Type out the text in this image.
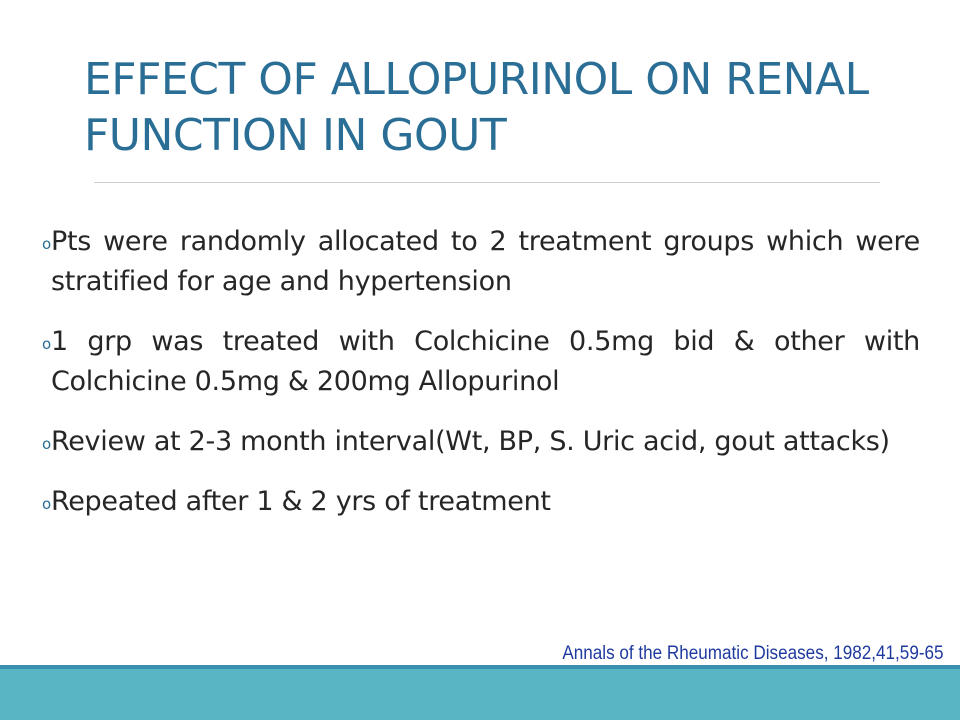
EFFECT OF ALLOPURINOL ON RENAL
FUNCTION IN GOUT
o Pts were randomly allocated to 2 treatment groups which were stratified for age and hypertension
o 1 grp was treated with Colchicine 0.5mg bid & other with Colchicine 0.5mg & 200mg Allopurinol
o Review at 2-3 month interval(Wt, BP, S. Uric acid, gout attacks)
o Repeated after 1 & 2 yrs of treatment

Annals of the Rheumatic Diseases, 1982,41,59-65
